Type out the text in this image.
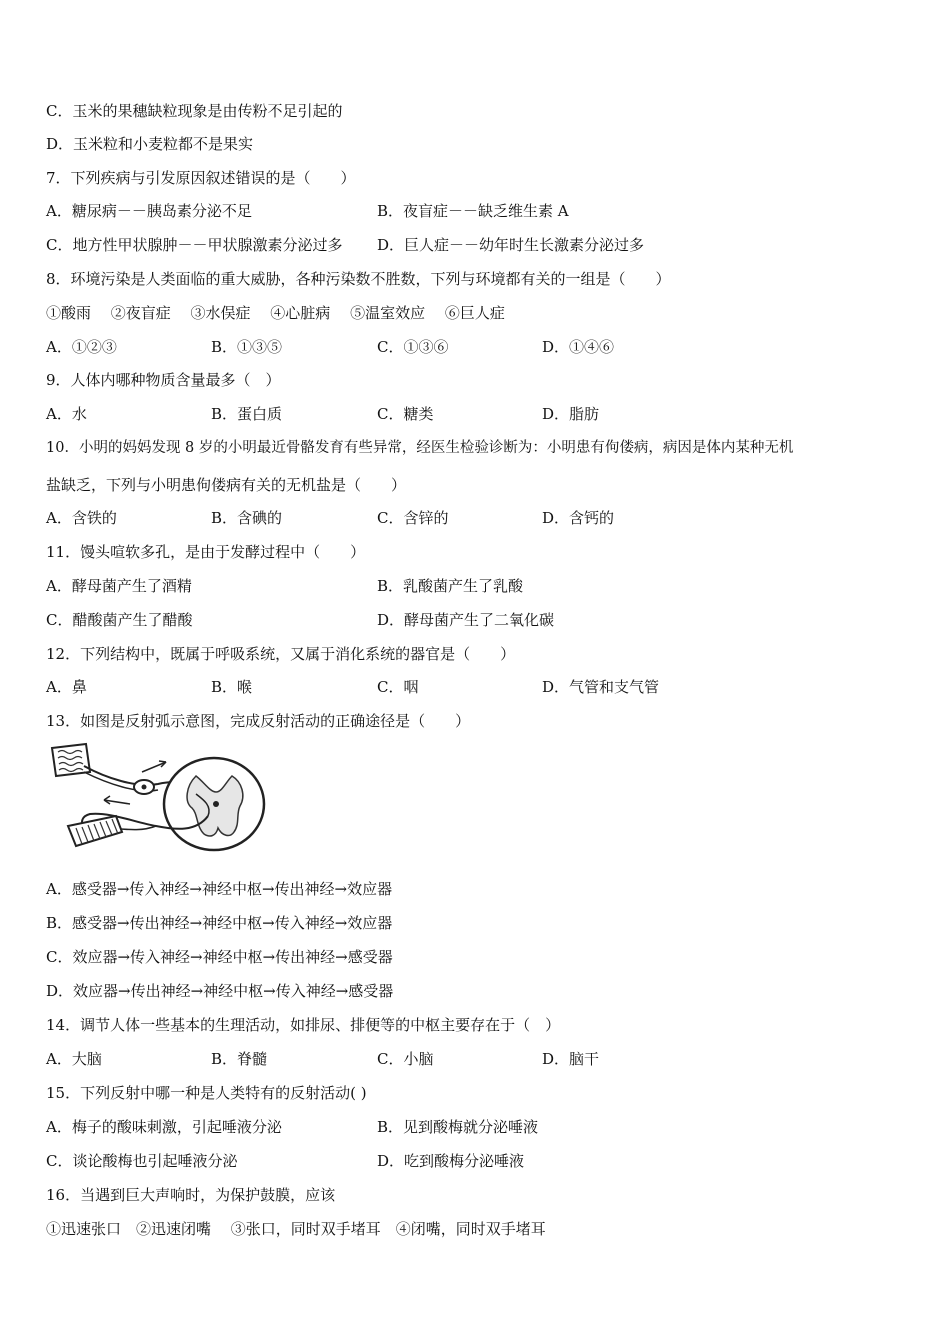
C．玉米的果穗缺粒现象是由传粉不足引起的
D．玉米粒和小麦粒都不是果实
7．下列疾病与引发原因叙述错误的是（　　）
A．糖尿病－－胰岛素分泌不足	B．夜盲症－－缺乏维生素 A
C．地方性甲状腺肿－－甲状腺激素分泌过多 D．巨人症－－幼年时生长激素分泌过多
8．环境污染是人类面临的重大威胁，各种污染数不胜数，下列与环境都有关的一组是（　　）
①酸雨　 ②夜盲症　 ③水俣症　 ④心脏病　 ⑤温室效应　 ⑥巨人症
A．①②③	B．①③⑤	C．①③⑥	D．①④⑥
9．人体内哪种物质含量最多（　）
A．水	B．蛋白质	C．糖类	D．脂肪
10．小明的妈妈发现 8 岁的小明最近骨骼发育有些异常，经医生检验诊断为：小明患有佝偻病，病因是体内某种无机
盐缺乏，下列与小明患佝偻病有关的无机盐是（　　）
A．含铁的	B．含碘的	C．含锌的	D．含钙的
11．馒头喧软多孔，是由于发酵过程中（　　）
A．酵母菌产生了酒精	B．乳酸菌产生了乳酸
C．醋酸菌产生了醋酸	D．酵母菌产生了二氧化碳
12．下列结构中，既属于呼吸系统，又属于消化系统的器官是（　　）
A．鼻	B．喉	C．咽	D．气管和支气管
13．如图是反射弧示意图，完成反射活动的正确途径是（　　）
A．感受器→传入神经→神经中枢→传出神经→效应器
B．感受器→传出神经→神经中枢→传入神经→效应器
C．效应器→传入神经→神经中枢→传出神经→感受器
D．效应器→传出神经→神经中枢→传入神经→感受器
14．调节人体一些基本的生理活动，如排尿、排便等的中枢主要存在于（　）
A．大脑	B．脊髓	C．小脑	D．脑干
15．下列反射中哪一种是人类特有的反射活动( )
A．梅子的酸味刺激，引起唾液分泌	B．见到酸梅就分泌唾液
C．谈论酸梅也引起唾液分泌	D．吃到酸梅分泌唾液
16．当遇到巨大声响时，为保护鼓膜，应该
①迅速张口　②迅速闭嘴　 ③张口，同时双手堵耳　④闭嘴，同时双手堵耳
